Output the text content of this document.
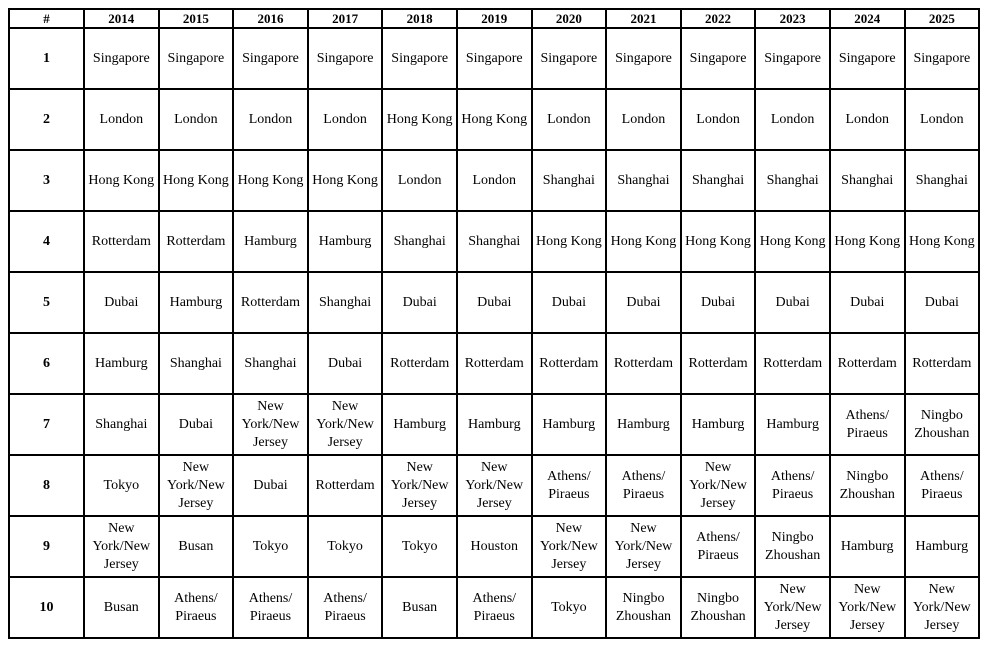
#	2014	2015	2016	2017	2018	2019	2020	2021	2022	2023	2024	2025
1	Singapore	Singapore	Singapore	Singapore	Singapore	Singapore	Singapore	Singapore	Singapore	Singapore	Singapore	Singapore
2	London	London	London	London	Hong Kong	Hong Kong	London	London	London	London	London	London
3	Hong Kong	Hong Kong	Hong Kong	Hong Kong	London	London	Shanghai	Shanghai	Shanghai	Shanghai	Shanghai	Shanghai
4	Rotterdam	Rotterdam	Hamburg	Hamburg	Shanghai	Shanghai	Hong Kong	Hong Kong	Hong Kong	Hong Kong	Hong Kong	Hong Kong
5	Dubai	Hamburg	Rotterdam	Shanghai	Dubai	Dubai	Dubai	Dubai	Dubai	Dubai	Dubai	Dubai
6	Hamburg	Shanghai	Shanghai	Dubai	Rotterdam	Rotterdam	Rotterdam	Rotterdam	Rotterdam	Rotterdam	Rotterdam	Rotterdam
7	Shanghai	Dubai	New York/New Jersey	New York/New Jersey	Hamburg	Hamburg	Hamburg	Hamburg	Hamburg	Hamburg	Athens/ Piraeus	Ningbo Zhoushan
8	Tokyo	New York/New Jersey	Dubai	Rotterdam	New York/New Jersey	New York/New Jersey	Athens/ Piraeus	Athens/ Piraeus	New York/New Jersey	Athens/ Piraeus	Ningbo Zhoushan	Athens/ Piraeus
9	New York/New Jersey	Busan	Tokyo	Tokyo	Tokyo	Houston	New York/New Jersey	New York/New Jersey	Athens/ Piraeus	Ningbo Zhoushan	Hamburg	Hamburg
10	Busan	Athens/ Piraeus	Athens/ Piraeus	Athens/ Piraeus	Busan	Athens/ Piraeus	Tokyo	Ningbo Zhoushan	Ningbo Zhoushan	New York/New Jersey	New York/New Jersey	New York/New Jersey
